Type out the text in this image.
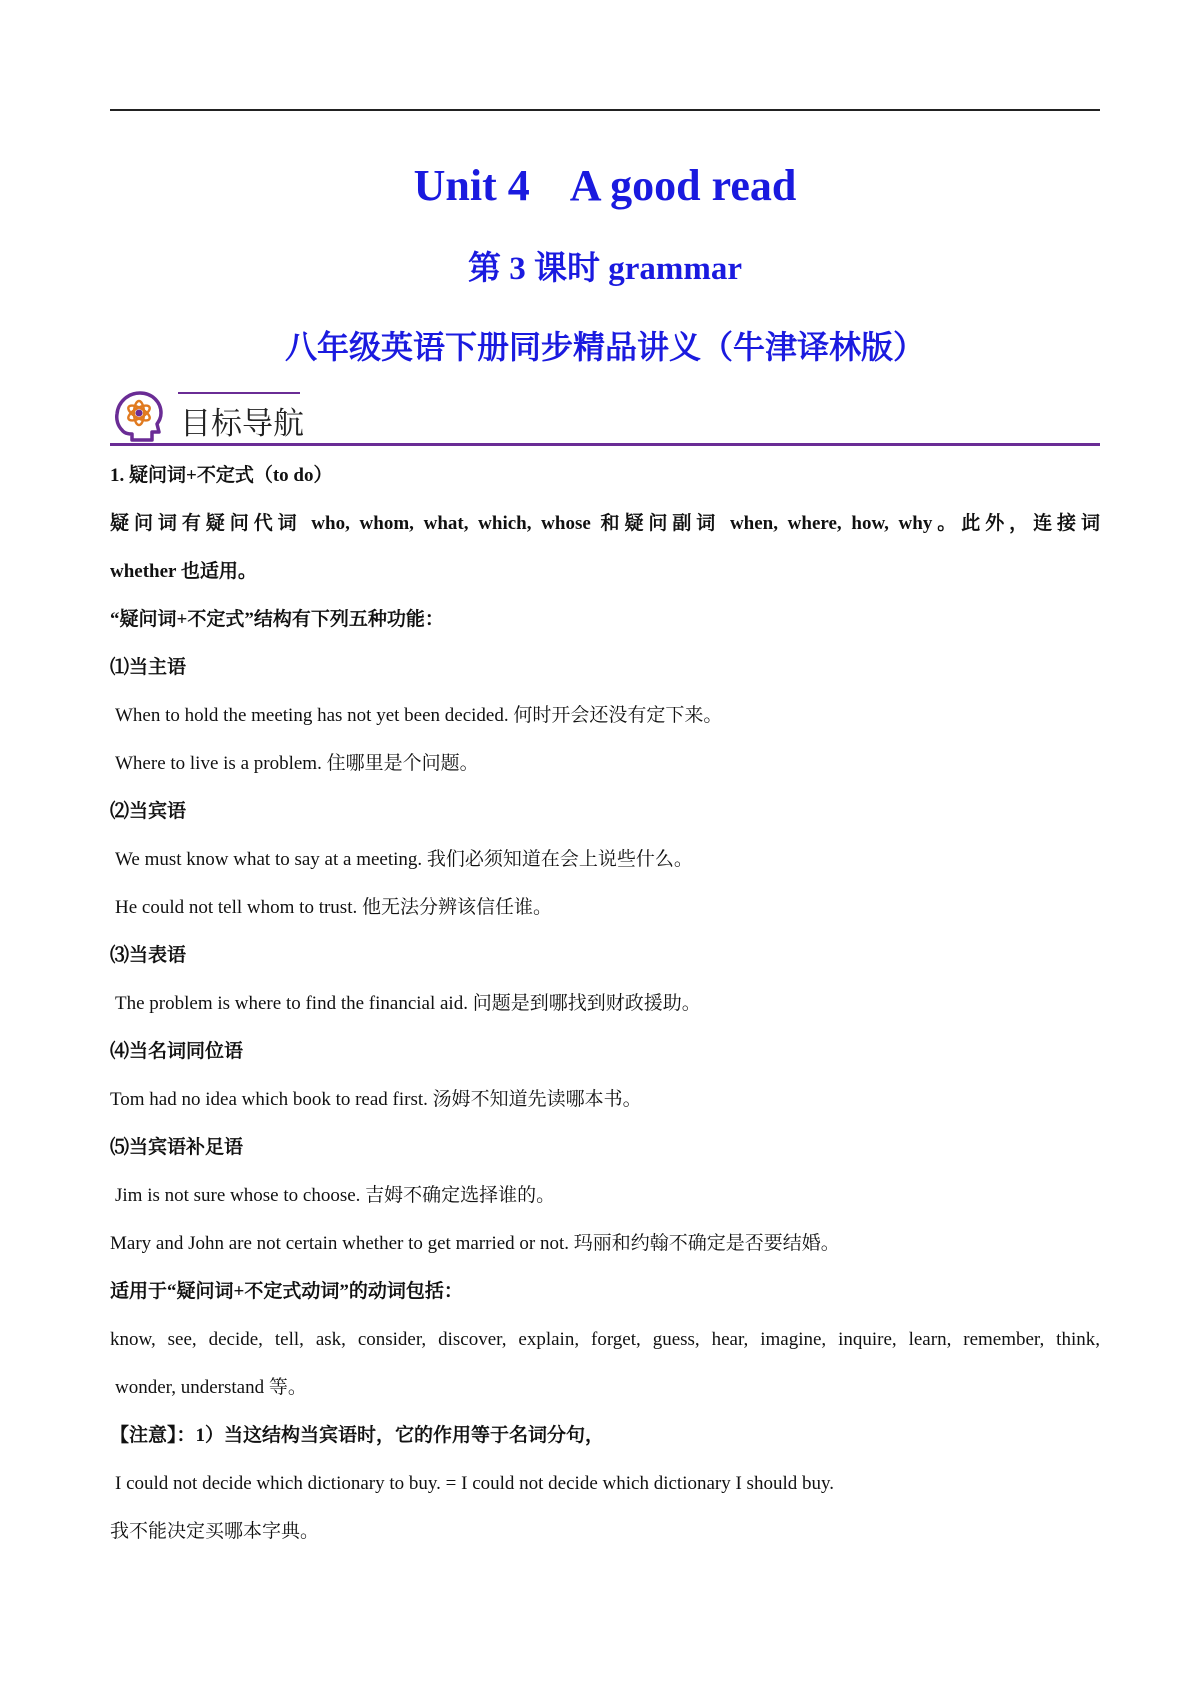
Unit 4 A good read
第 3 课时 grammar
八年级英语下册同步精品讲义（牛津译林版）
目标导航
1. 疑问词+不定式（to do）
疑问词有疑问代词 who, whom, what, which, whose 和疑问副词 when, where, how, why。此外，连接词
whether 也适用。
“疑问词+不定式”结构有下列五种功能：
⑴当主语
When to hold the meeting has not yet been decided. 何时开会还没有定下来。
Where to live is a problem. 住哪里是个问题。
⑵当宾语
We must know what to say at a meeting. 我们必须知道在会上说些什么。
He could not tell whom to trust. 他无法分辨该信任谁。
⑶当表语
The problem is where to find the financial aid. 问题是到哪找到财政援助。
⑷当名词同位语
Tom had no idea which book to read first. 汤姆不知道先读哪本书。
⑸当宾语补足语
Jim is not sure whose to choose. 吉姆不确定选择谁的。
Mary and John are not certain whether to get married or not. 玛丽和约翰不确定是否要结婚。
适用于“疑问词+不定式动词”的动词包括：
know, see, decide, tell, ask, consider, discover, explain, forget, guess, hear, imagine, inquire, learn, remember, think,
wonder, understand 等。
【注意】：1）当这结构当宾语时，它的作用等于名词分句，
I could not decide which dictionary to buy. = I could not decide which dictionary I should buy.
我不能决定买哪本字典。
